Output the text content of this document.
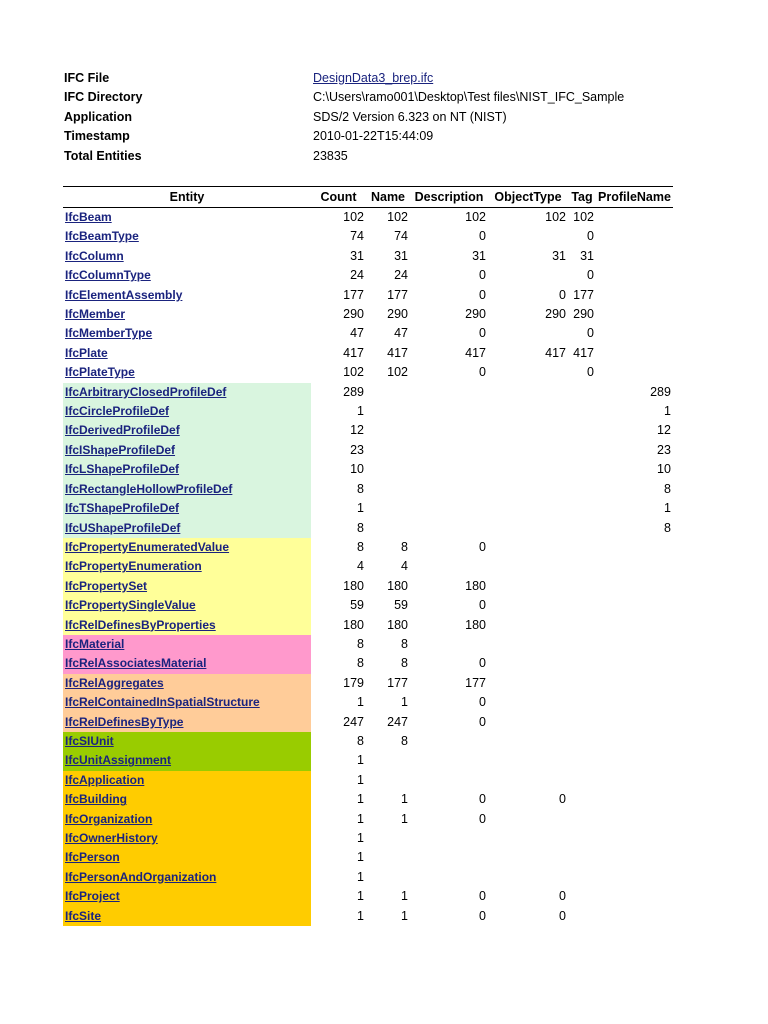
IFC File	DesignData3_brep.ifc
IFC Directory	C:\Users\ramo001\Desktop\Test files\NIST_IFC_Sample
Application	SDS/2 Version 6.323 on NT (NIST)
Timestamp	2010-01-22T15:44:09
Total Entities	23835
Entity	Count	Name	Description	ObjectType	Tag	ProfileName
IfcBeam	102	102	102	102	102	
IfcBeamType	74	74	0		0	
IfcColumn	31	31	31	31	31	
IfcColumnType	24	24	0		0	
IfcElementAssembly	177	177	0	0	177	
IfcMember	290	290	290	290	290	
IfcMemberType	47	47	0		0	
IfcPlate	417	417	417	417	417	
IfcPlateType	102	102	0		0	
IfcArbitraryClosedProfileDef	289					289
IfcCircleProfileDef	1					1
IfcDerivedProfileDef	12					12
IfcIShapeProfileDef	23					23
IfcLShapeProfileDef	10					10
IfcRectangleHollowProfileDef	8					8
IfcTShapeProfileDef	1					1
IfcUShapeProfileDef	8					8
IfcPropertyEnumeratedValue	8	8	0			
IfcPropertyEnumeration	4	4				
IfcPropertySet	180	180	180			
IfcPropertySingleValue	59	59	0			
IfcRelDefinesByProperties	180	180	180			
IfcMaterial	8	8				
IfcRelAssociatesMaterial	8	8	0			
IfcRelAggregates	179	177	177			
IfcRelContainedInSpatialStructure	1	1	0			
IfcRelDefinesByType	247	247	0			
IfcSIUnit	8	8				
IfcUnitAssignment	1					
IfcApplication	1					
IfcBuilding	1	1	0	0		
IfcOrganization	1	1	0			
IfcOwnerHistory	1					
IfcPerson	1					
IfcPersonAndOrganization	1					
IfcProject	1	1	0	0		
IfcSite	1	1	0	0		
